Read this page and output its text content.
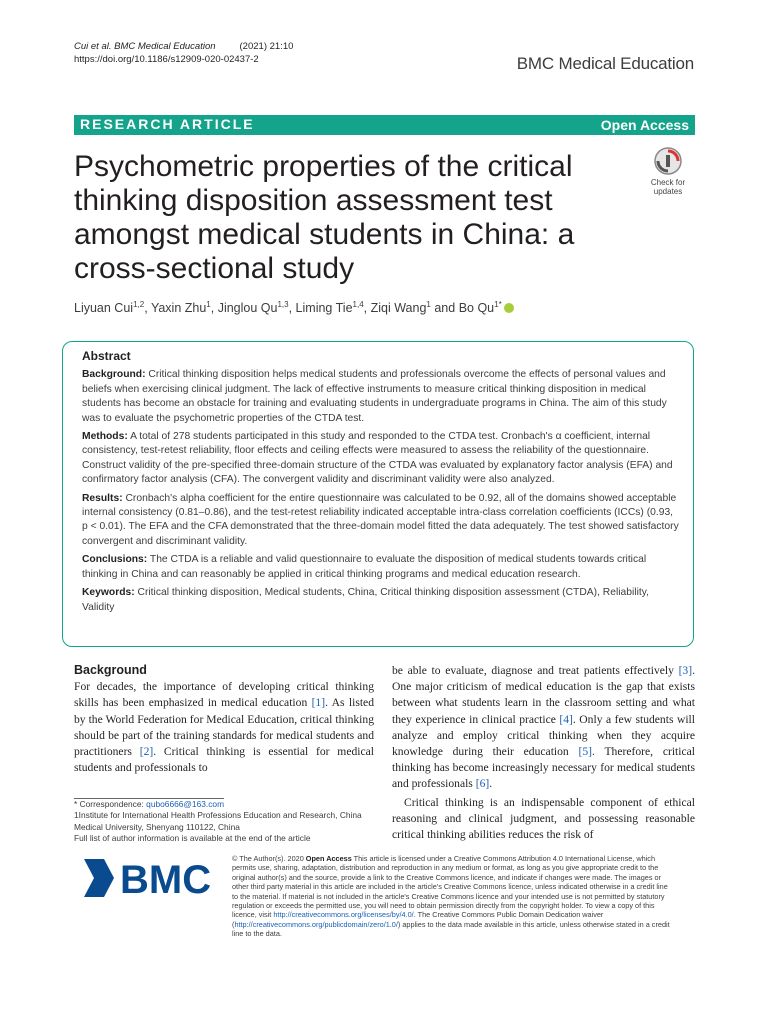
Cui et al. BMC Medical Education	(2021) 21:10
https://doi.org/10.1186/s12909-020-02437-2	BMC Medical Education
RESEARCH ARTICLE	Open Access
Psychometric properties of the critical thinking disposition assessment test amongst medical students in China: a cross-sectional study
Check for updates
Liyuan Cui$^{1,2}$, Yaxin Zhu$^1$, Jinglou Qu$^{1,3}$, Liming Tie$^{1,4}$, Ziqi Wang$^1$ and Bo $Qu^{1*}$
Abstract

Background: Critical thinking disposition helps medical students and professionals overcome the effects of personal values and beliefs when exercising clinical judgment. The lack of effective instruments to measure critical thinking disposition in medical students has become an obstacle for training and evaluating students in undergraduate programs in China. The aim of this study was to evaluate the psychometric properties of the CTDA test.

Methods: A total of 278 students participated in this study and responded to the CTDA test. Cronbach's α coefficient, internal consistency, test-retest reliability, floor effects and ceiling effects were measured to assess the reliability of the questionnaire. Construct validity of the pre-specified three-domain structure of the CTDA was evaluated by explanatory factor analysis (EFA) and confirmatory factor analysis (CFA). The convergent validity and discriminant validity were also analyzed.

Results: Cronbach's alpha coefficient for the entire questionnaire was calculated to be 0.92, all of the domains showed acceptable internal consistency (0.81–0.86), and the test-retest reliability indicated acceptable intra-class correlation coefficients (ICCs) (0.93, p < 0.01). The EFA and the CFA demonstrated that the three-domain model fitted the data adequately. The test showed satisfactory convergent and discriminant validity.

Conclusions: The CTDA is a reliable and valid questionnaire to evaluate the disposition of medical students towards critical thinking in China and can reasonably be applied in critical thinking programs and medical education research.

Keywords: Critical thinking disposition, Medical students, China, Critical thinking disposition assessment (CTDA), Reliability, Validity

Background

For decades, the importance of developing critical thinking skills has been emphasized in medical education [1]. As listed by the World Federation for Medical Education, critical thinking should be part of the training standards for medical students and practitioners [2]. Critical thinking is essential for medical students and professionals to

be able to evaluate, diagnose and treat patients effectively [3]. One major criticism of medical education is the gap that exists between what students learn in the classroom setting and what they experience in clinical practice [4]. Only a few students will analyze and employ critical thinking when they acquire knowledge during their education [5]. Therefore, critical thinking has become increasingly necessary for medical students and professionals [6].

Critical thinking is an indispensable component of ethical reasoning and clinical judgment, and possessing reasonable critical thinking abilities reduces the risk of

* Correspondence: qubo6666@163.com

1Institute for International Health Professions Education and Research, China Medical University, Shenyang 110122, China

Full list of author information is available at the end of the article

BMC	© The Author(s). 2020 Open Access This article is licensed under a Creative Commons Attribution 4.0 International License, which permits use, sharing, adaptation, distribution and reproduction in any medium or format, as long as you give appropriate credit to the original author(s) and the source, provide a link to the Creative Commons licence, and indicate if changes were made. The images or other third party material in this article are included in the article's Creative Commons licence, unless indicated otherwise in a credit line to the material. If material is not included in the article's Creative Commons licence and your intended use is not permitted by statutory regulation or exceeds the permitted use, you will need to obtain permission directly from the copyright holder. To view a copy of this licence, visit http://creativecommons.org/licenses/by/4.0/. The Creative Commons Public Domain Dedication waiver (http://creativecommons.org/publicdomain/zero/1.0/) applies to the data made available in this article, unless otherwise stated in a credit line to the data.
